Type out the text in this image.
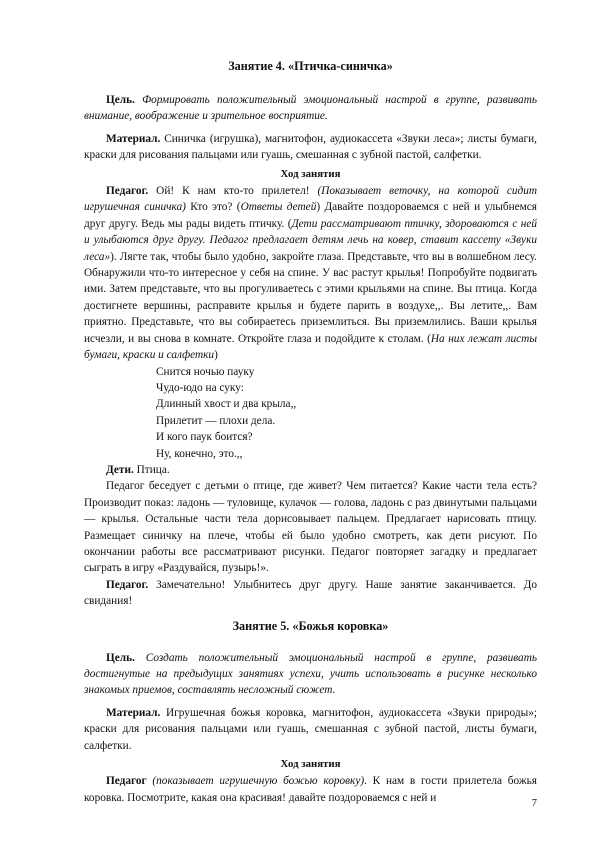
Занятие 4. «Птичка-синичка»

Цель. Формировать положительный эмоциональный настрой в группе, развивать внимание, воображение и зрительное восприятие.

Материал. Синичка (игрушка), магнитофон, аудиокассета «Звуки леса»; листы бумаги, краски для рисования пальцами или гуашь, смешанная с зубной пастой, салфетки.

Ход занятия

Педагог. Ой! К нам кто-то прилетел! (Показывает веточку, на которой сидит игрушечная синичка) Кто это? (Ответы детей) Давайте поздороваемся с ней и улыбнемся друг другу. Ведь мы рады видеть птичку. (Дети рассматривают птичку, здороваются с ней и улыбаются друг другу. Педагог предлагает детям лечь на ковер, ставит кассету «Звуки леса»). Лягте так, чтобы было удобно, закройте глаза. Представьте, что вы в волшебном лесу. Обнаружили что-то интересное у себя на спине. У вас растут крылья! Попробуйте подвигать ими. Затем представьте, что вы прогуливаетесь с этими крыльями на спине. Вы птица. Когда достигнете вершины, расправите крылья и будете парить в воздухе,,. Вы летите,,. Вам приятно. Представьте, что вы собираетесь приземлиться. Вы приземлились. Ваши крылья исчезли, и вы снова в комнате. Откройте глаза и подойдите к столам. (На них лежат листы бумаги, краски и салфетки)

Снится ночью пауку
Чудо-юдо на суку:
Длинный хвост и два крыла,,
Прилетит — плохи дела.
И кого паук боится?
Ну, конечно, это.,,

Дети. Птица.

Педагог беседует с детьми о птице, где живет? Чем питается? Какие части тела есть? Производит показ: ладонь — туловище, кулачок — голова, ладонь с раз двинутыми пальцами — крылья. Остальные части тела дорисовывает пальцем. Предлагает нарисовать птицу. Размещает синичку на плече, чтобы ей было удобно смотреть, как дети рисуют. По окончании работы все рассматривают рисунки. Педагог повторяет загадку и предлагает сыграть в игру «Раздувайся, пузырь!».

Педагог. Замечательно! Улыбнитесь друг другу. Наше занятие заканчивается. До свидания!

Занятие 5. «Божья коровка»

Цель. Создать положительный эмоциональный настрой в группе, развивать достигнутые на предыдущих занятиях успехи, учить использовать в рисунке несколько знакомых приемов, составлять несложный сюжет.

Материал. Игрушечная божья коровка, магнитофон, аудиокассета «Звуки природы»; краски для рисования пальцами или гуашь, смешанная с зубной пастой, листы бумаги, салфетки.

Ход занятия

Педагог (показывает игрушечную божью коровку). К нам в гости прилетела божья коровка. Посмотрите, какая она красивая! давайте поздороваемся с ней и	7
